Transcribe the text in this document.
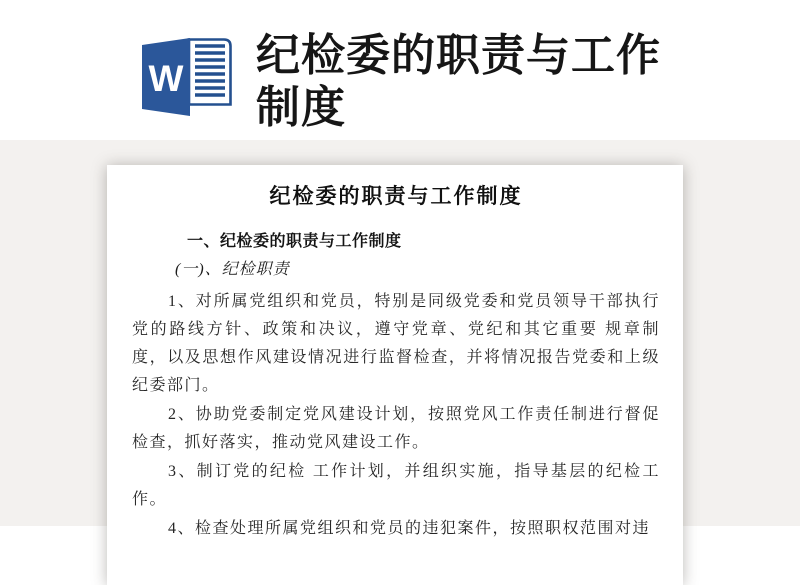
W 纪检委的职责与工作制度
纪检委的职责与工作制度
一、纪检委的职责与工作制度
(一)、纪检职责

1、对所属党组织和党员，特别是同级党委和党员领导干部执行党的路线方针、政策和决议，遵守党章、党纪和其它重要 规章制度，以及思想作风建设情况进行监督检查，并将情况报告党委和上级纪委部门。

2、协助党委制定党风建设计划，按照党风工作责任制进行督促检查，抓好落实，推动党风建设工作。

3、制订党的纪检 工作计划，并组织实施，指导基层的纪检工作。

4、检查处理所属党组织和党员的违犯案件，按照职权范围对违
